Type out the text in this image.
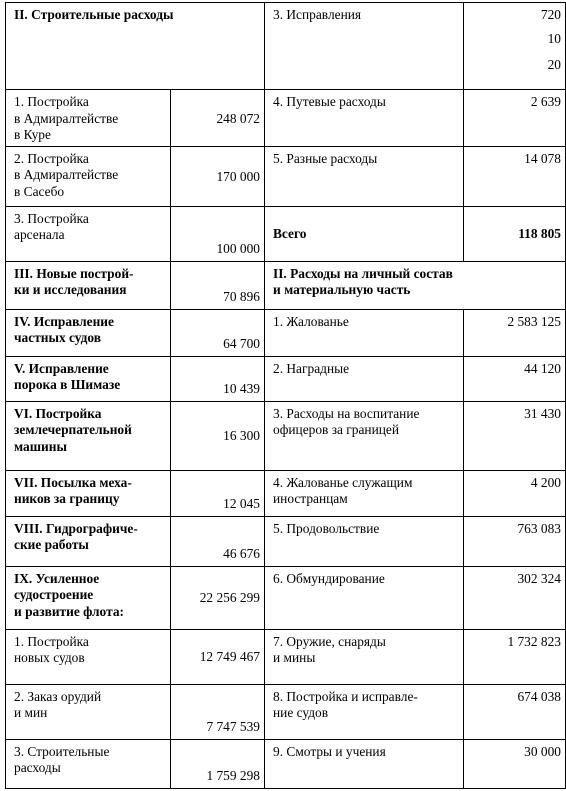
II. Строительные расходы		3. Исправления	720
10
20

1. Постройка
в Адмиралтействе
в Куре	248 072	4. Путевые расходы	2 639
2. Постройка
в Адмиралтействе
в Сасебо	170 000	5. Разные расходы	14 078
3. Постройка
арсенала	100 000	Всего	118 805
III. Новые построй-
ки и исследования	70 896	II. Расходы на личный состав
и материальную часть	
IV. Исправление
частных судов	64 700	1. Жалованье	2 583 125
V. Исправление
порока в Шимазе	10 439	2. Наградные	44 120
VI. Постройка
землечерпательной
машины	16 300	3. Расходы на воспитание
офицеров за границей	31 430
VII. Посылка меха-
ников за границу	12 045	4. Жалованье служащим
иностранцам	4 200
VIII. Гидрографиче-
ские работы	46 676	5. Продовольствие	763 083
IX. Усиленное
судостроение
и развитие флота:	22 256 299	6. Обмундирование	302 324
1. Постройка
новых судов	12 749 467	7. Оружие, снаряды
и мины	1 732 823
2. Заказ орудий
и мин	7 747 539	8. Постройка и исправле-
ние судов	674 038
3. Строительные
расходы	1 759 298	9. Смотры и учения	30 000
